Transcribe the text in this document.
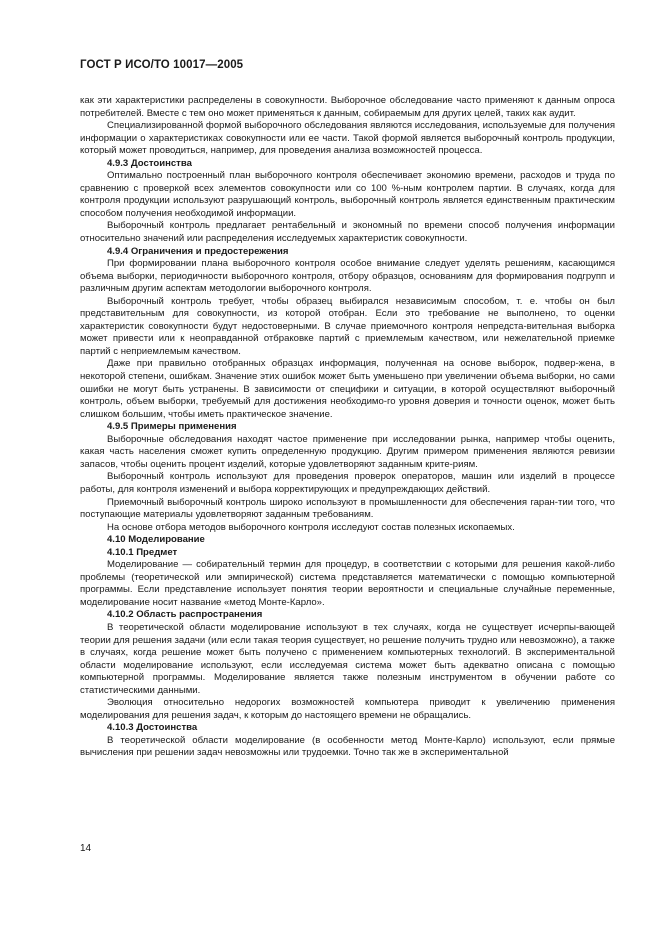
ГОСТ Р ИСО/ТО 10017—2005

как эти характеристики распределены в совокупности. Выборочное обследование часто применяют к данным опроса потребителей. Вместе с тем оно может применяться к данным, собираемым для других целей, таких как аудит.

Специализированной формой выборочного обследования являются исследования, используемые для получения информации о характеристиках совокупности или ее части. Такой формой является выборочный контроль продукции, который может проводиться, например, для проведения анализа возможностей процесса.

4.9.3 Достоинства

Оптимально построенный план выборочного контроля обеспечивает экономию времени, расходов и труда по сравнению с проверкой всех элементов совокупности или со 100 %-ным контролем партии. В случаях, когда для контроля продукции используют разрушающий контроль, выборочный контроль является единственным практическим способом получения необходимой информации.

Выборочный контроль предлагает рентабельный и экономный по времени способ получения информации относительно значений или распределения исследуемых характеристик совокупности.

4.9.4 Ограничения и предостережения

При формировании плана выборочного контроля особое внимание следует уделять решениям, касающимся объема выборки, периодичности выборочного контроля, отбору образцов, основаниям для формирования подгрупп и различным другим аспектам методологии выборочного контроля.

Выборочный контроль требует, чтобы образец выбирался независимым способом, т. е. чтобы он был представительным для совокупности, из которой отобран. Если это требование не выполнено, то оценки характеристик совокупности будут недостоверными. В случае приемочного контроля непредста-вительная выборка может привести или к неоправданной отбраковке партий с приемлемым качеством, или нежелательной приемке партий с неприемлемым качеством.

Даже при правильно отобранных образцах информация, полученная на основе выборок, подвер-жена, в некоторой степени, ошибкам. Значение этих ошибок может быть уменьшено при увеличении объема выборки, но сами ошибки не могут быть устранены. В зависимости от специфики и ситуации, в которой осуществляют выборочный контроль, объем выборки, требуемый для достижения необходимо-го уровня доверия и точности оценок, может быть слишком большим, чтобы иметь практическое значение.

4.9.5 Примеры применения

Выборочные обследования находят частое применение при исследовании рынка, например чтобы оценить, какая часть населения сможет купить определенную продукцию. Другим примером применения являются ревизии запасов, чтобы оценить процент изделий, которые удовлетворяют заданным крите-риям.

Выборочный контроль используют для проведения проверок операторов, машин или изделий в процессе работы, для контроля изменений и выбора корректирующих и предупреждающих действий.

Приемочный выборочный контроль широко используют в промышленности для обеспечения гаран-тии того, что поступающие материалы удовлетворяют заданным требованиям.

На основе отбора методов выборочного контроля исследуют состав полезных ископаемых.

4.10 Моделирование

4.10.1 Предмет

Моделирование — собирательный термин для процедур, в соответствии с которыми для решения какой-либо проблемы (теоретической или эмпирической) система представляется математически с помощью компьютерной программы. Если представление использует понятия теории вероятности и специальные случайные переменные, моделирование носит название «метод Монте-Карло».

4.10.2 Область распространения

В теоретической области моделирование используют в тех случаях, когда не существует исчерпы-вающей теории для решения задачи (или если такая теория существует, но решение получить трудно или невозможно), а также в случаях, когда решение может быть получено с применением компьютерных технологий. В экспериментальной области моделирование используют, если исследуемая система может быть адекватно описана с помощью компьютерной программы. Моделирование является также полезным инструментом в обучении работе со статистическими данными.

Эволюция относительно недорогих возможностей компьютера приводит к увеличению применения моделирования для решения задач, к которым до настоящего времени не обращались.

4.10.3 Достоинства

В теоретической области моделирование (в особенности метод Монте-Карло) используют, если прямые вычисления при решении задач невозможны или трудоемки. Точно так же в экспериментальной

14
